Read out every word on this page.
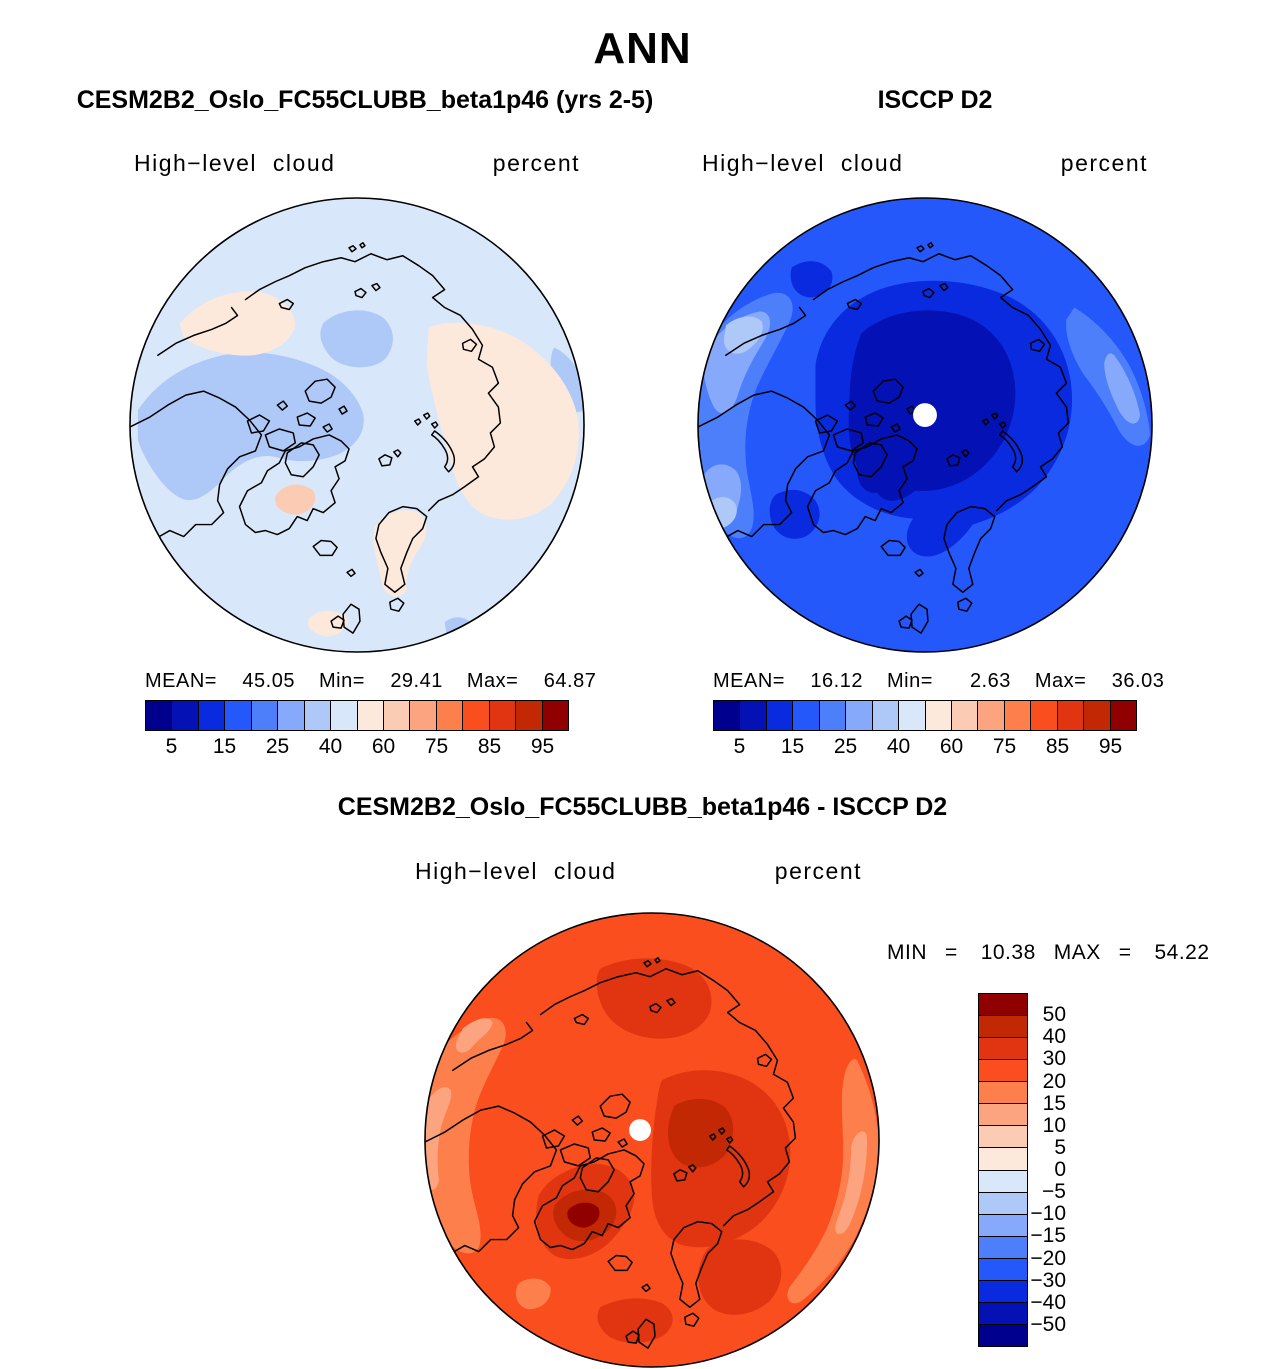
ANN
CESM2B2_Oslo_FC55CLUBB_beta1p46 (yrs 2-5)	ISCCP D2
High−level cloud	percent	High−level cloud	percent
MEAN= 45.05 Min= 29.41 Max= 64.87	MEAN= 16.12 Min=	2.63 Max= 36.03
5 15 25 40 60 75 85 95	5 15 25 40 60 75 85 95
CESM2B2_Oslo_FC55CLUBB_beta1p46 - ISCCP D2
High−level cloud	percent
MIN = 10.38 MAX = 54.22
50
40
30
20
15
10
5
0
−5
−10
−15
−20
−30
−40
−50
